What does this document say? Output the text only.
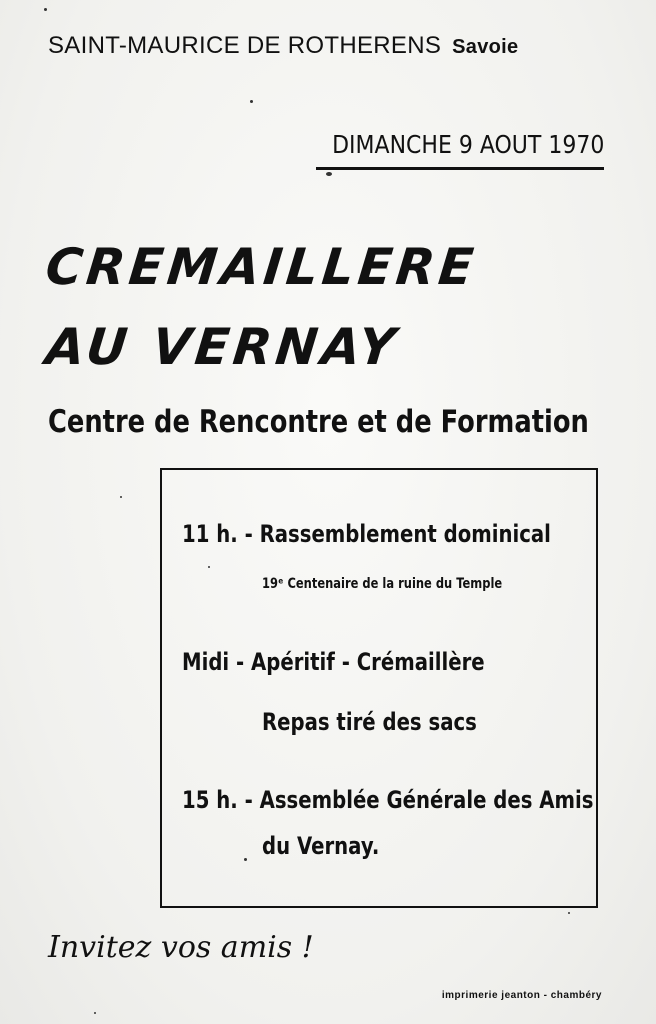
SAINT-MAURICE DE ROTHERENS Savoie
DIMANCHE 9 AOUT 1970
CREMAILLERE
AU VERNAY
Centre de Rencontre et de Formation
11 h. - Rassemblement dominical
19ᵉ Centenaire de la ruine du Temple
Midi - Apéritif - Crémaillère
Repas tiré des sacs
15 h. - Assemblée Générale des Amis
du Vernay.
Invitez vos amis !
imprimerie jeanton - chambéry
